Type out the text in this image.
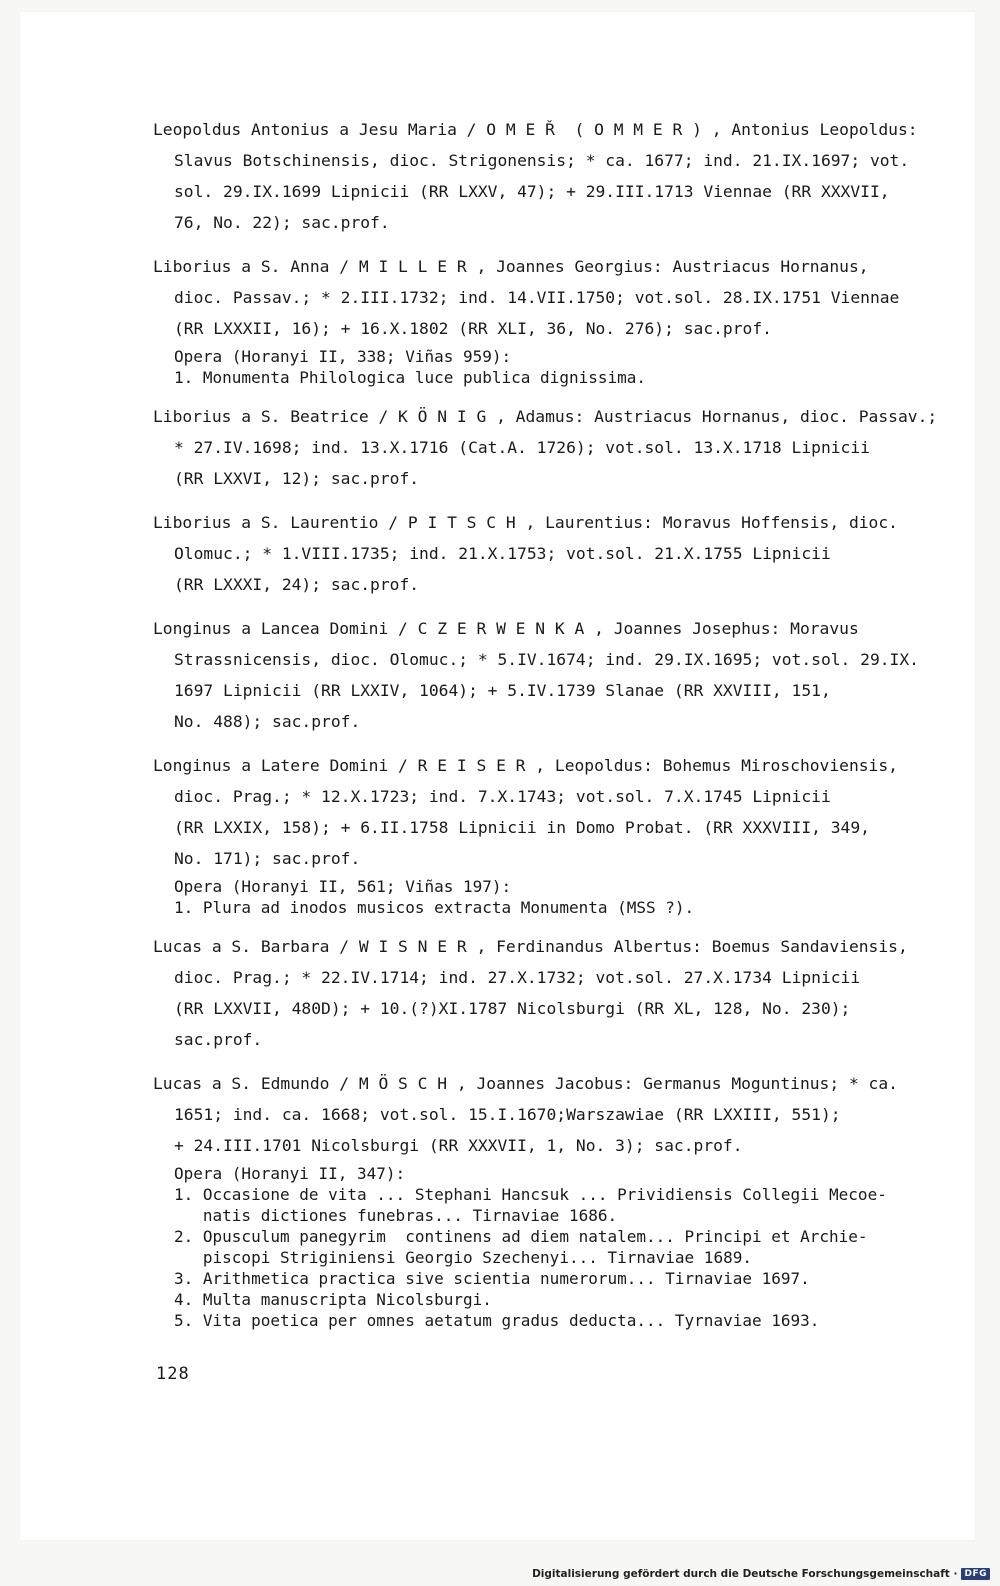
Leopoldus Antonius a Jesu Maria / O M E Ř  ( O M M E R ) , Antonius Leopoldus:
Slavus Botschinensis, dioc. Strigonensis; * ca. 1677; ind. 21.IX.1697; vot.
sol. 29.IX.1699 Lipnicii (RR LXXV, 47); + 29.III.1713 Viennae (RR XXXVII,
76, No. 22); sac.prof.
Liborius a S. Anna / M I L L E R , Joannes Georgius: Austriacus Hornanus,
dioc. Passav.; * 2.III.1732; ind. 14.VII.1750; vot.sol. 28.IX.1751 Viennae
(RR LXXXII, 16); + 16.X.1802 (RR XLI, 36, No. 276); sac.prof.
Opera (Horanyi II, 338; Viñas 959):
1. Monumenta Philologica luce publica dignissima.
Liborius a S. Beatrice / K Ö N I G , Adamus: Austriacus Hornanus, dioc. Passav.;
* 27.IV.1698; ind. 13.X.1716 (Cat.A. 1726); vot.sol. 13.X.1718 Lipnicii
(RR LXXVI, 12); sac.prof.
Liborius a S. Laurentio / P I T S C H , Laurentius: Moravus Hoffensis, dioc.
Olomuc.; * 1.VIII.1735; ind. 21.X.1753; vot.sol. 21.X.1755 Lipnicii
(RR LXXXI, 24); sac.prof.
Longinus a Lancea Domini / C Z E R W E N K A , Joannes Josephus: Moravus
Strassnicensis, dioc. Olomuc.; * 5.IV.1674; ind. 29.IX.1695; vot.sol. 29.IX.
1697 Lipnicii (RR LXXIV, 1064); + 5.IV.1739 Slanae (RR XXVIII, 151,
No. 488); sac.prof.
Longinus a Latere Domini / R E I S E R , Leopoldus: Bohemus Miroschoviensis,
dioc. Prag.; * 12.X.1723; ind. 7.X.1743; vot.sol. 7.X.1745 Lipnicii
(RR LXXIX, 158); + 6.II.1758 Lipnicii in Domo Probat. (RR XXXVIII, 349,
No. 171); sac.prof.
Opera (Horanyi II, 561; Viñas 197):
1. Plura ad inodos musicos extracta Monumenta (MSS ?).
Lucas a S. Barbara / W I S N E R , Ferdinandus Albertus: Boemus Sandaviensis,
dioc. Prag.; * 22.IV.1714; ind. 27.X.1732; vot.sol. 27.X.1734 Lipnicii
(RR LXXVII, 480D); + 10.(?)XI.1787 Nicolsburgi (RR XL, 128, No. 230);
sac.prof.
Lucas a S. Edmundo / M Ö S C H , Joannes Jacobus: Germanus Moguntinus; * ca.
1651; ind. ca. 1668; vot.sol. 15.I.1670;Warszawiae (RR LXXIII, 551);
+ 24.III.1701 Nicolsburgi (RR XXXVII, 1, No. 3); sac.prof.
Opera (Horanyi II, 347):
1. Occasione de vita ... Stephani Hancsuk ... Prividiensis Collegii Mecoe-
natis dictiones funebras... Tirnaviae 1686.
2. Opusculum panegyrim  continens ad diem natalem... Principi et Archie-
piscopi Striginiensi Georgio Szechenyi... Tirnaviae 1689.
3. Arithmetica practica sive scientia numerorum... Tirnaviae 1697.
4. Multa manuscripta Nicolsburgi.
5. Vita poetica per omnes aetatum gradus deducta... Tyrnaviae 1693.
128
Digitalisierung gefördert durch die Deutsche Forschungsgemeinschaft · DFG
